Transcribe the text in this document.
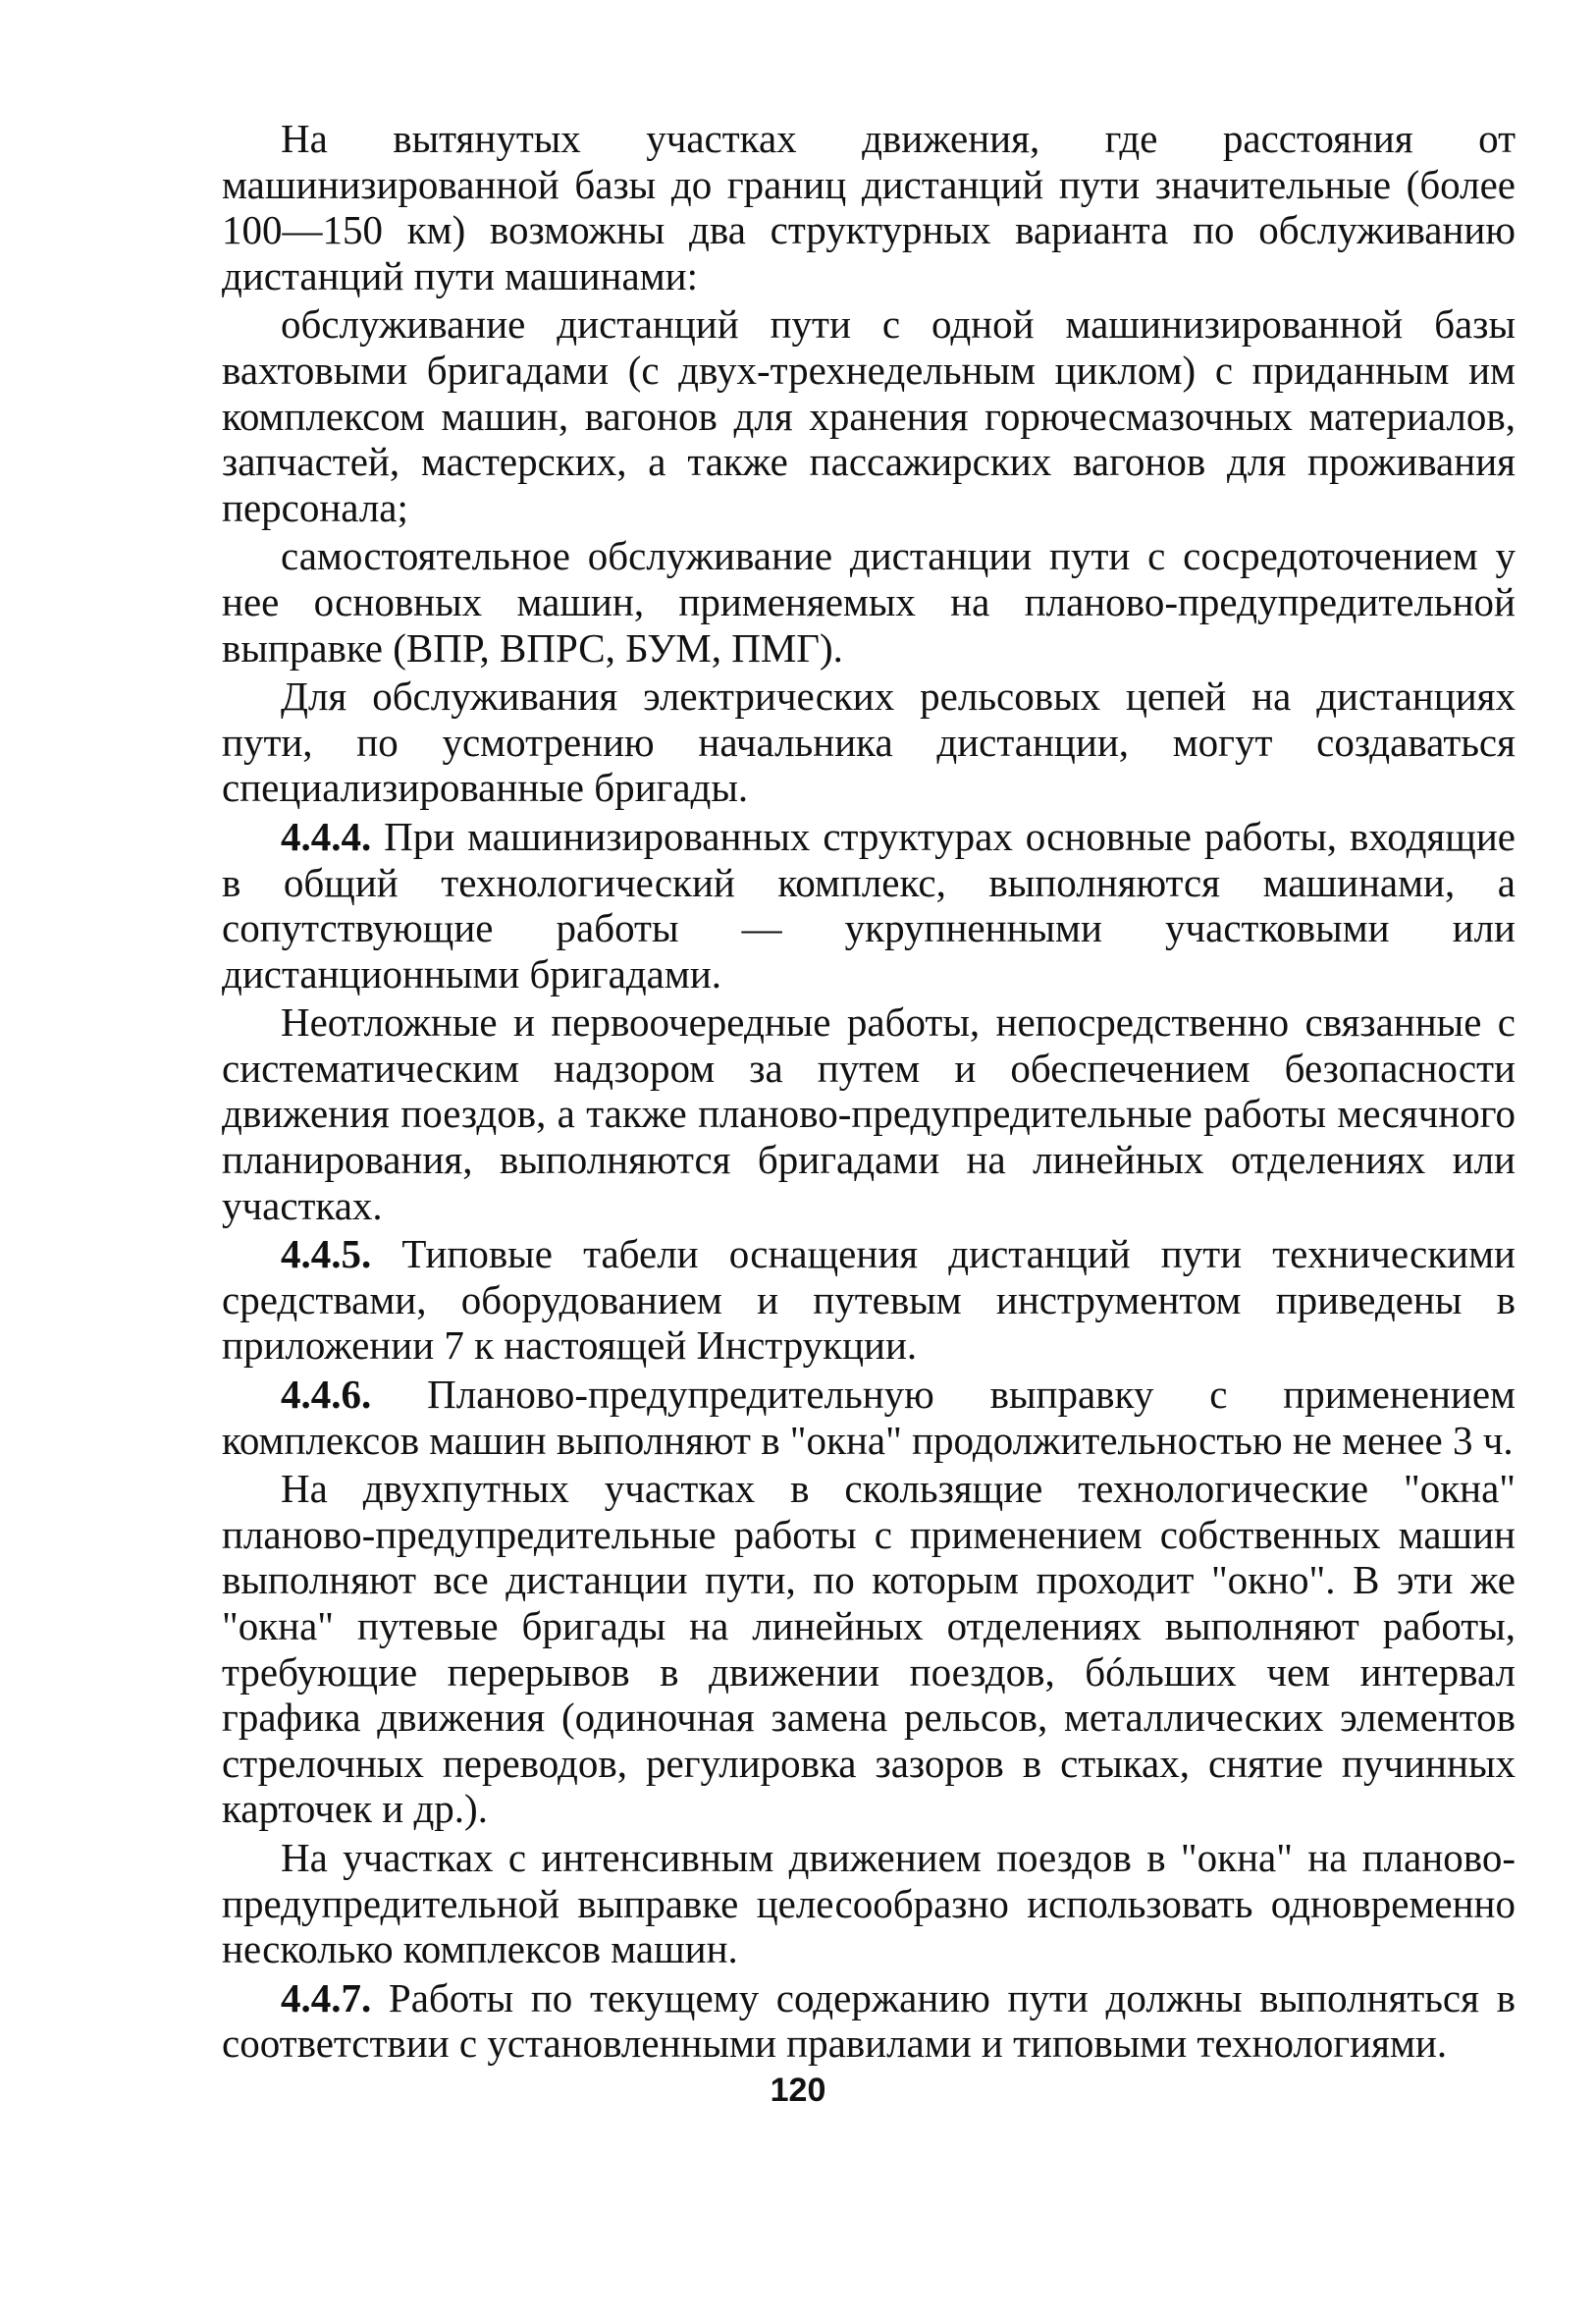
На вытянутых участках движения, где расстояния от машинизированной базы до границ дистанций пути значительные (более 100—150 км) возможны два структурных варианта по обслуживанию дистанций пути машинами:

обслуживание дистанций пути с одной машинизированной базы вахтовыми бригадами (с двух-трехнедельным циклом) с приданным им комплексом машин, вагонов для хранения горючесмазочных материалов, запчастей, мастерских, а также пассажирских вагонов для проживания персонала;

самостоятельное обслуживание дистанции пути с сосредоточением у нее основных машин, применяемых на планово-предупредительной выправке (ВПР, ВПРС, БУМ, ПМГ).

Для обслуживания электрических рельсовых цепей на дистанциях пути, по усмотрению начальника дистанции, могут создаваться специализированные бригады.

4.4.4. При машинизированных структурах основные работы, входящие в общий технологический комплекс, выполняются машинами, а сопутствующие работы — укрупненными участковыми или дистанционными бригадами.

Неотложные и первоочередные работы, непосредственно связанные с систематическим надзором за путем и обеспечением безопасности движения поездов, а также планово-предупредительные работы месячного планирования, выполняются бригадами на линейных отделениях или участках.

4.4.5. Типовые табели оснащения дистанций пути техническими средствами, оборудованием и путевым инструментом приведены в приложении 7 к настоящей Инструкции.

4.4.6. Планово-предупредительную выправку с применением комплексов машин выполняют в "окна" продолжительностью не менее 3 ч.

На двухпутных участках в скользящие технологические "окна" планово-предупредительные работы с применением собственных машин выполняют все дистанции пути, по которым проходит "окно". В эти же "окна" путевые бригады на линейных отделениях выполняют работы, требующие перерывов в движении поездов, бóльших чем интервал графика движения (одиночная замена рельсов, металлических элементов стрелочных переводов, регулировка зазоров в стыках, снятие пучинных карточек и др.).

На участках с интенсивным движением поездов в "окна" на планово-предупредительной выправке целесообразно использовать одновременно несколько комплексов машин.

4.4.7. Работы по текущему содержанию пути должны выполняться в соответствии с установленными правилами и типовыми технологиями.

120
